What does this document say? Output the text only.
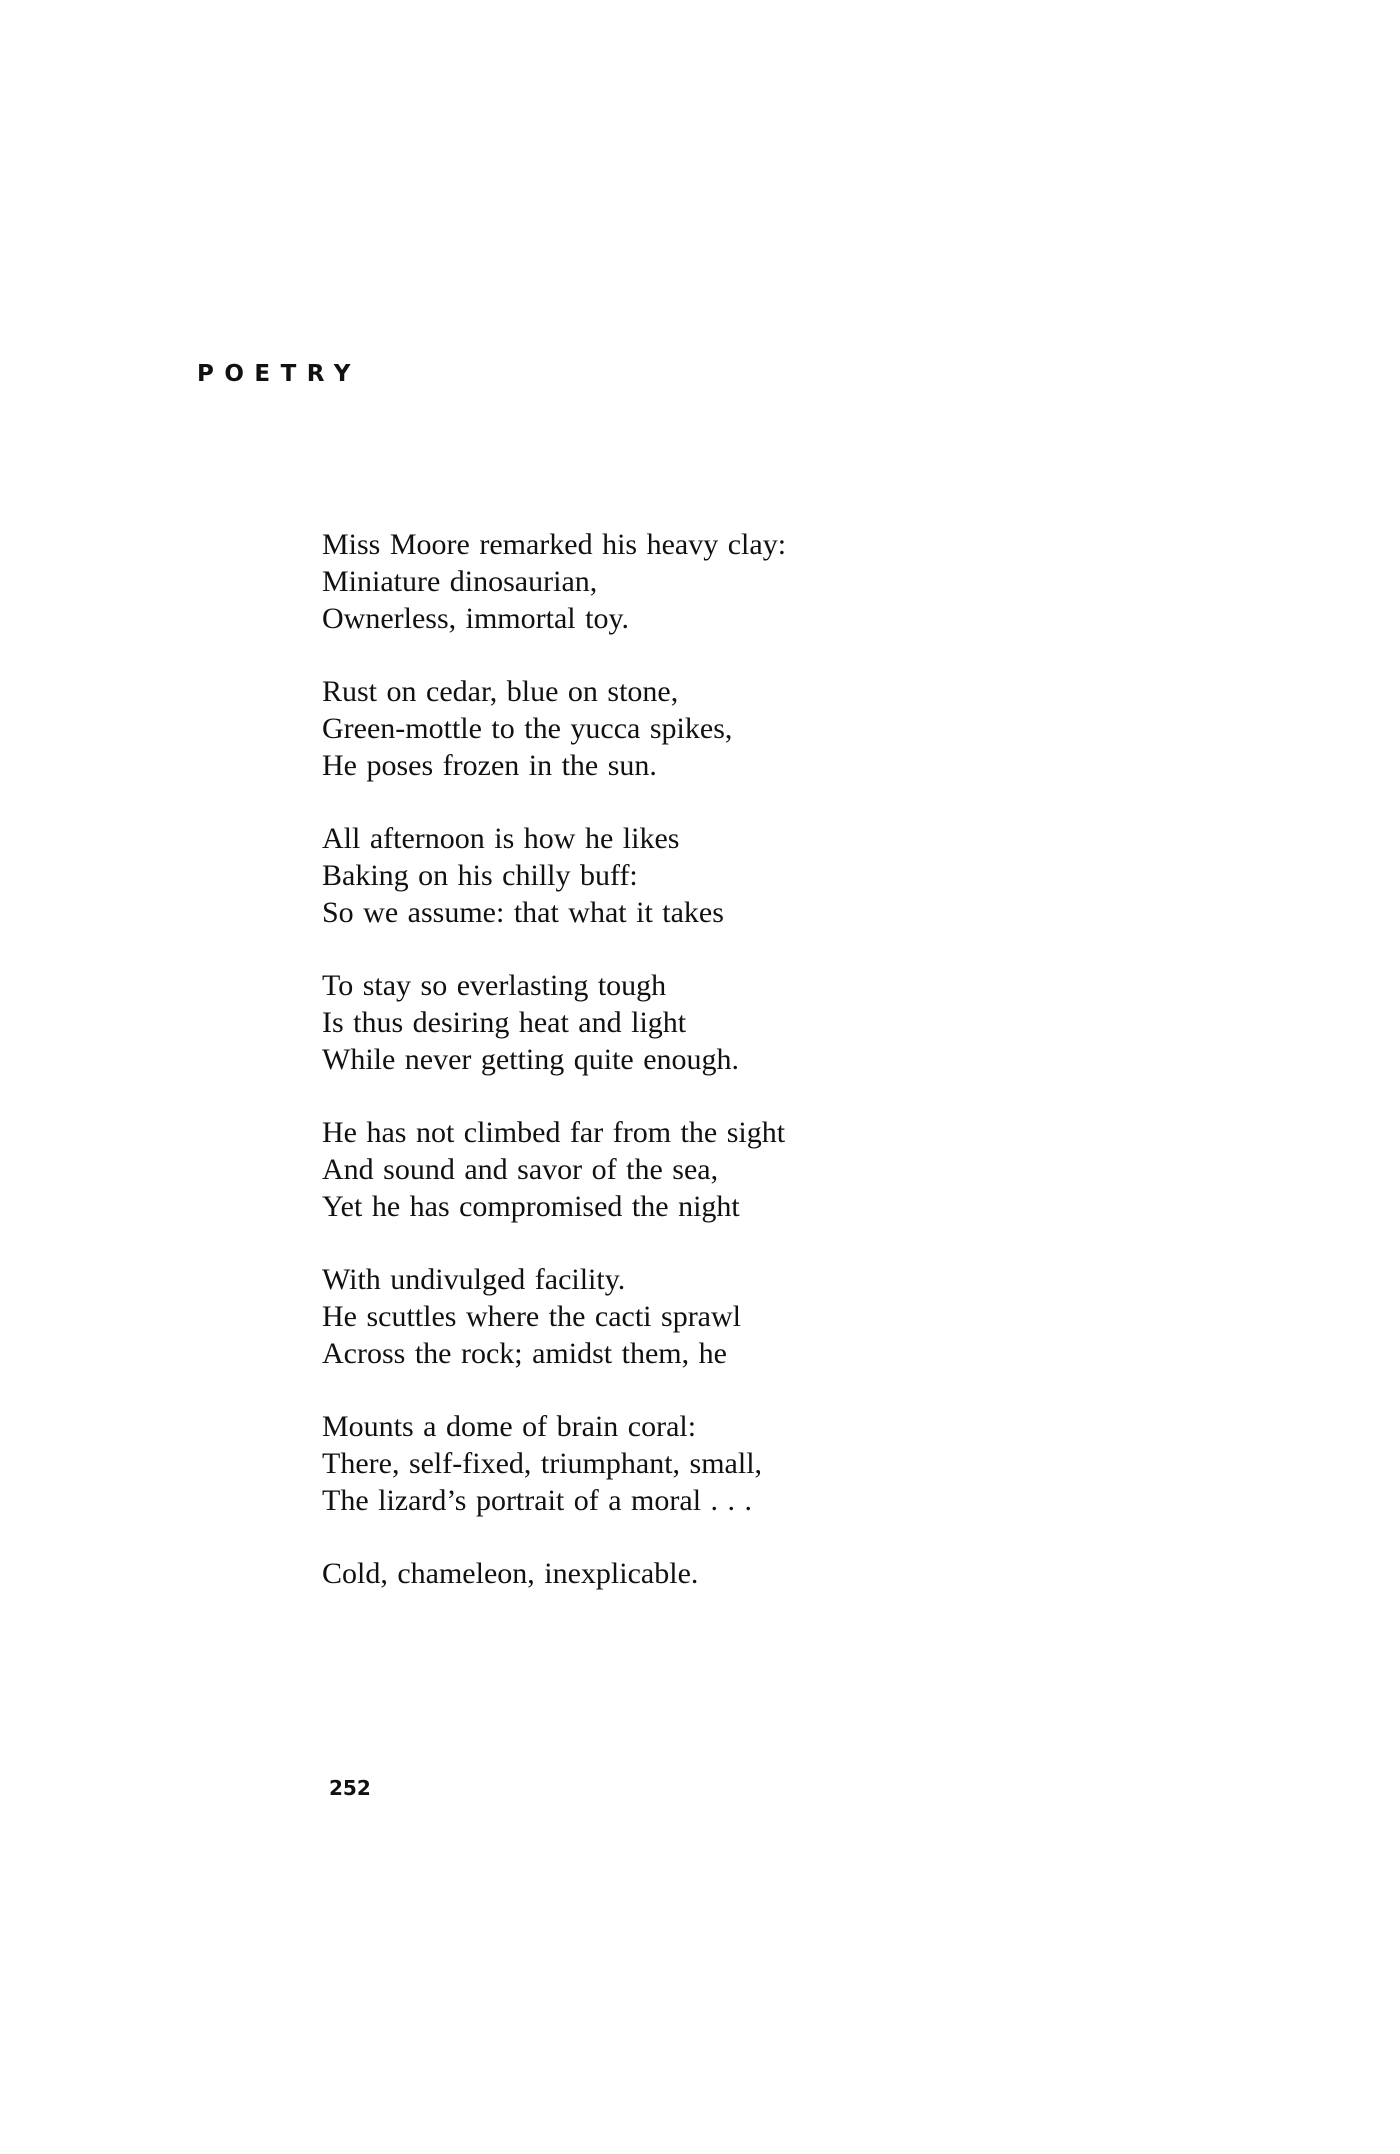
POETRY
Miss Moore remarked his heavy clay:
Miniature dinosaurian,
Ownerless, immortal toy.
Rust on cedar, blue on stone,
Green-mottle to the yucca spikes,
He poses frozen in the sun.
All afternoon is how he likes
Baking on his chilly buff:
So we assume: that what it takes
To stay so everlasting tough
Is thus desiring heat and light
While never getting quite enough.
He has not climbed far from the sight
And sound and savor of the sea,
Yet he has compromised the night
With undivulged facility.
He scuttles where the cacti sprawl
Across the rock; amidst them, he
Mounts a dome of brain coral:
There, self-fixed, triumphant, small,
The lizard’s portrait of a moral . . .
Cold, chameleon, inexplicable.

252
